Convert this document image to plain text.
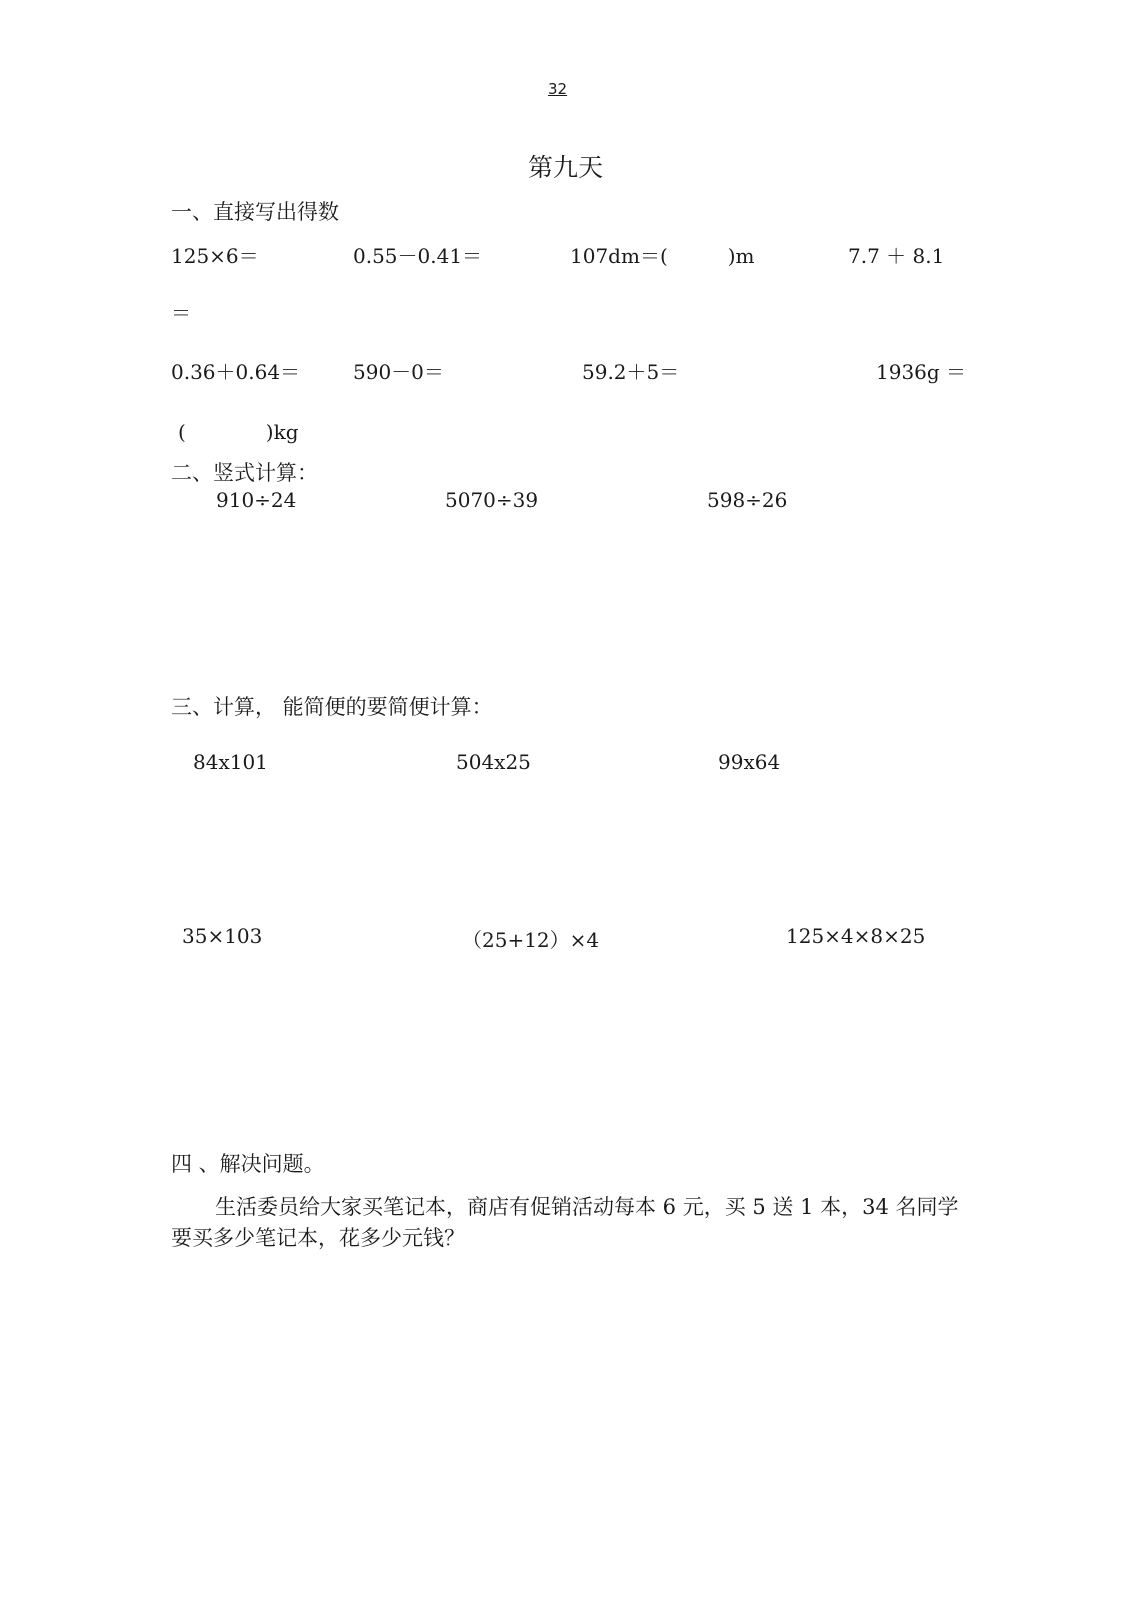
32
第九天
一、直接写出得数
125×6＝	0.55－0.41＝	107dm＝(　　　)m	7.7 ＋ 8.1
＝
0.36＋0.64＝	590－0＝	59.2＋5＝	1936g ＝
(　　　　)kg
二、竖式计算：
910÷24	5070÷39	598÷26
三、计算， 能简便的要简便计算：
84x101	504x25	99x64
35×103	（25+12）×4	125×4×8×25
四 、解决问题。
生活委员给大家买笔记本，商店有促销活动每本 6 元，买 5 送 1 本，34 名同学要买多少笔记本，花多少元钱？
